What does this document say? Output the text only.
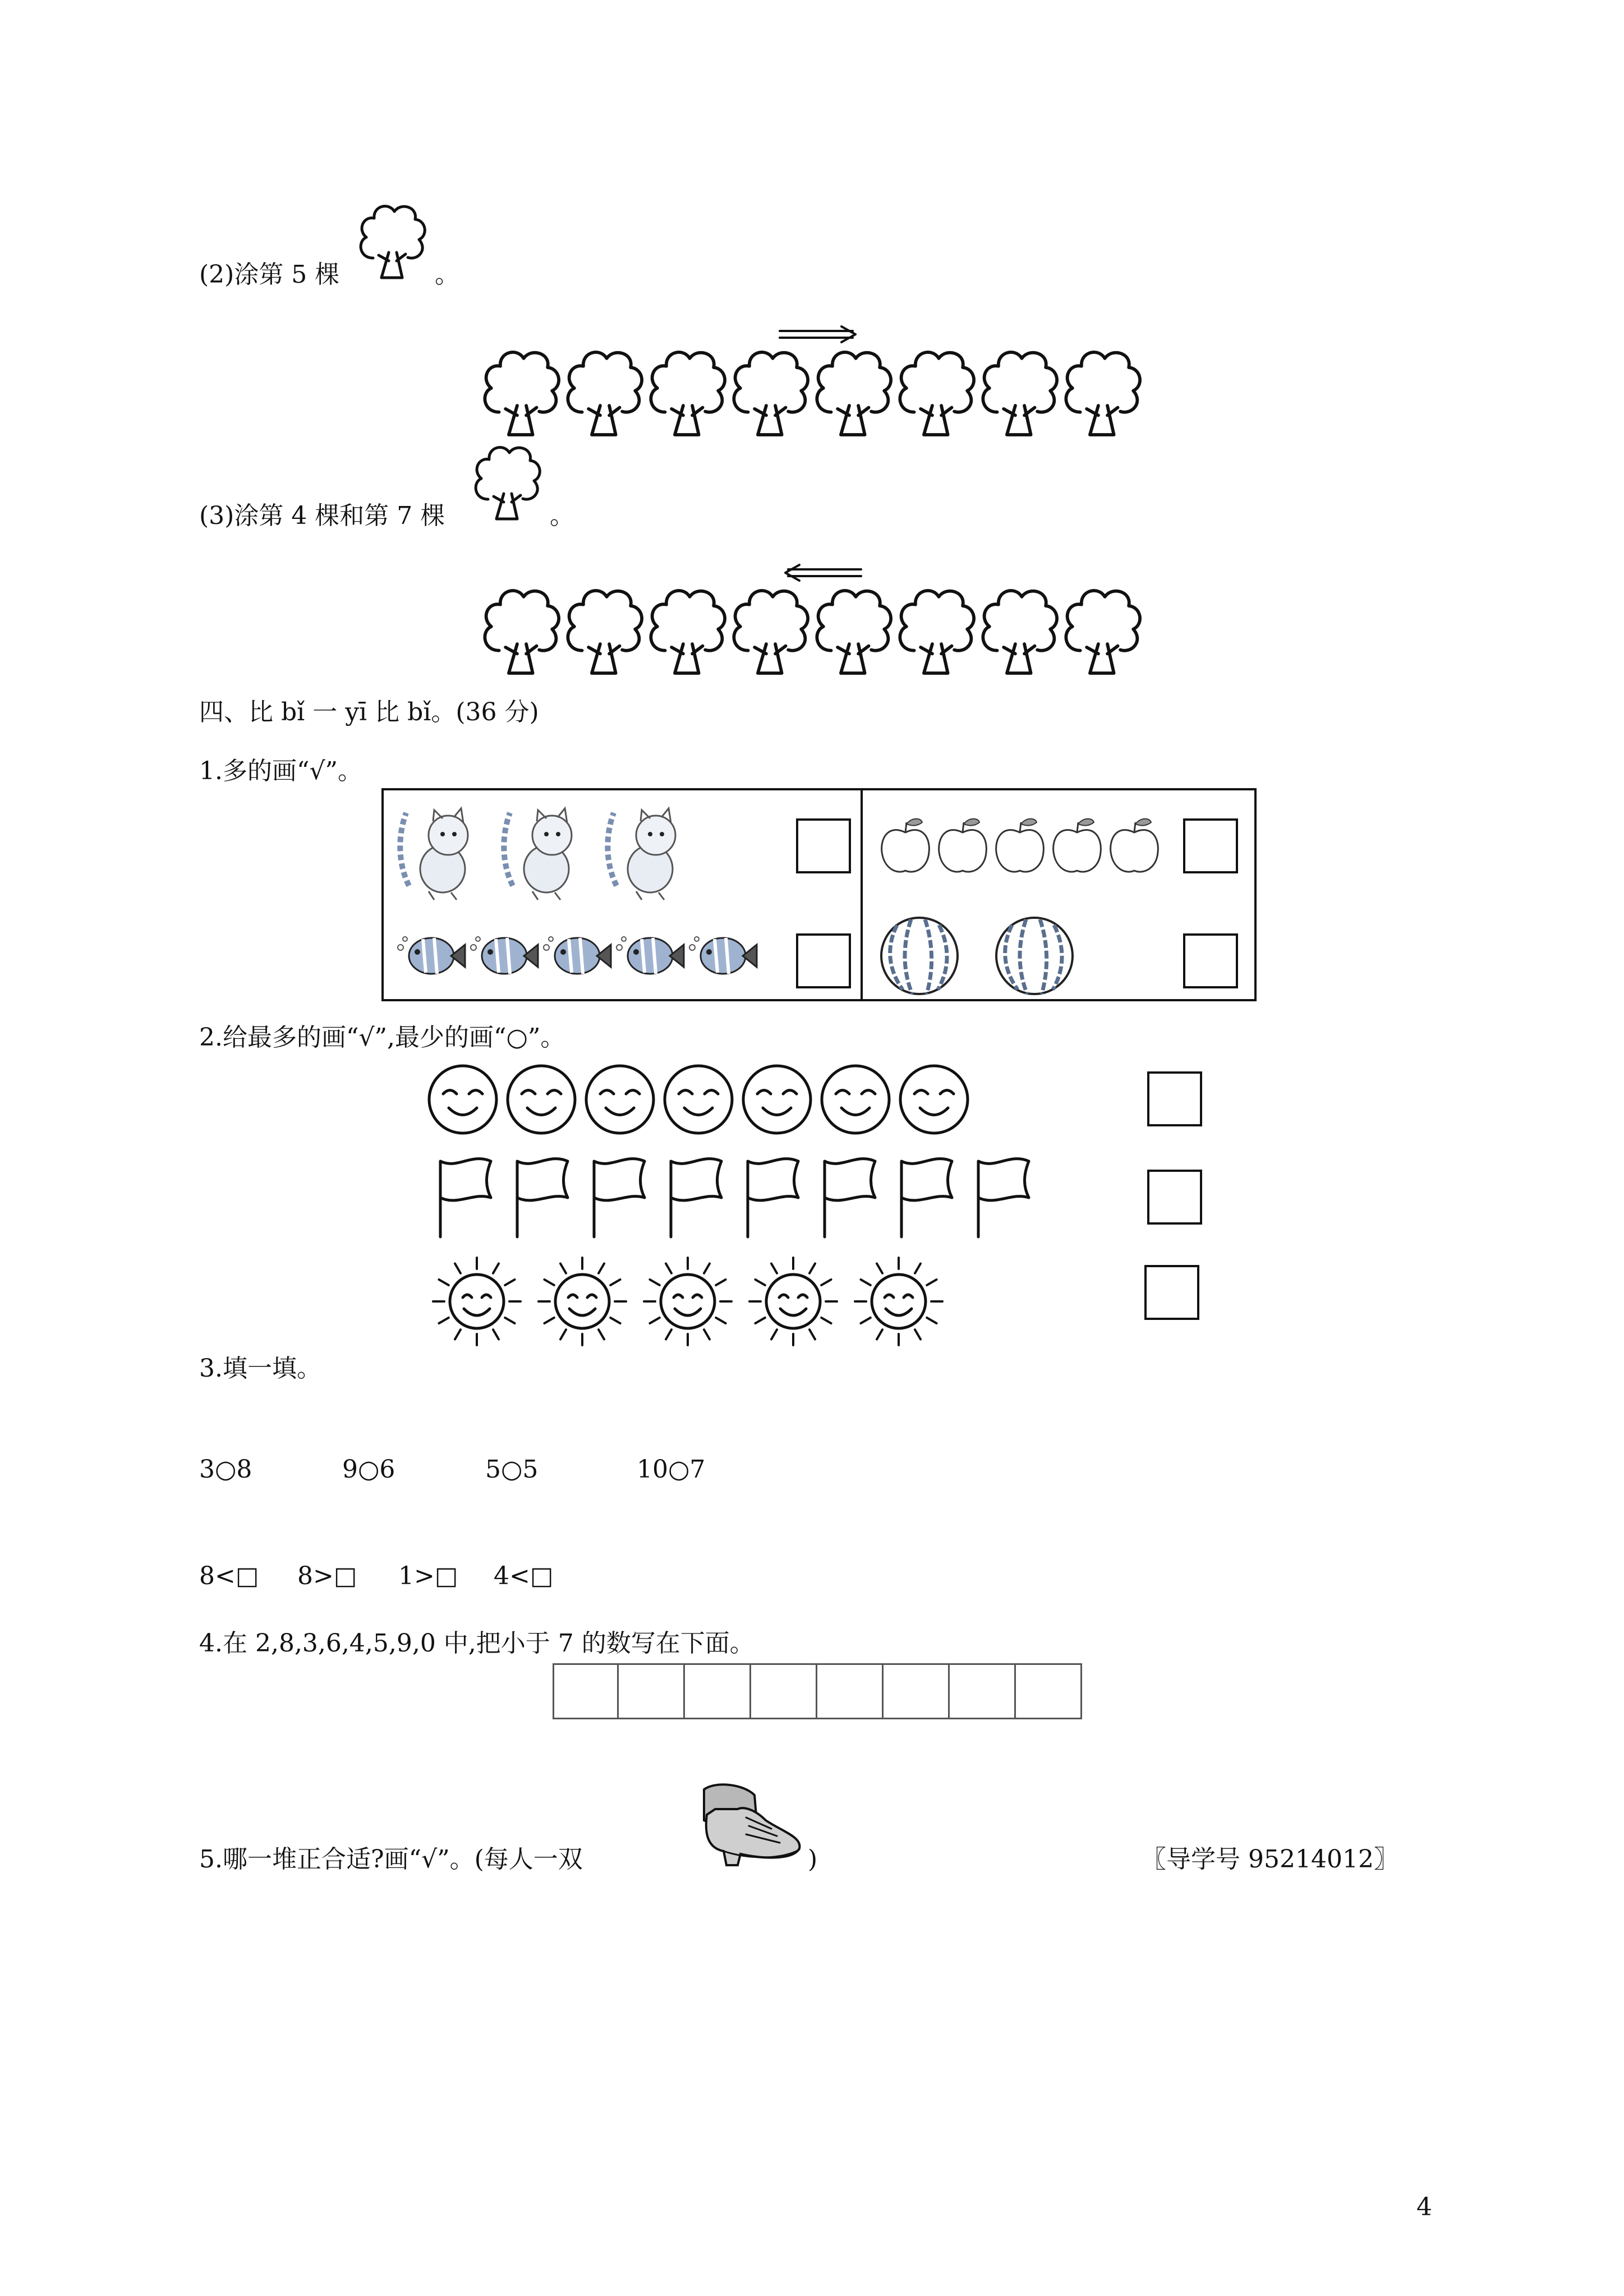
(2)涂第 5 棵	。
(3)涂第 4 棵和第 7 棵	。
四、比 bǐ 一 yī 比 bǐ。(36 分)
1.多的画“√”。
2.给最多的画“√”,最少的画“○”。
3.填一填。
3○8	9○6	5○5	10○7
8<□ 8>□ 1>□ 4<□
4.在 2,8,3,6,4,5,9,0 中,把小于 7 的数写在下面。
5.哪一堆正合适?画“√”。(每人一双	)	〖导学号 95214012〗
4
